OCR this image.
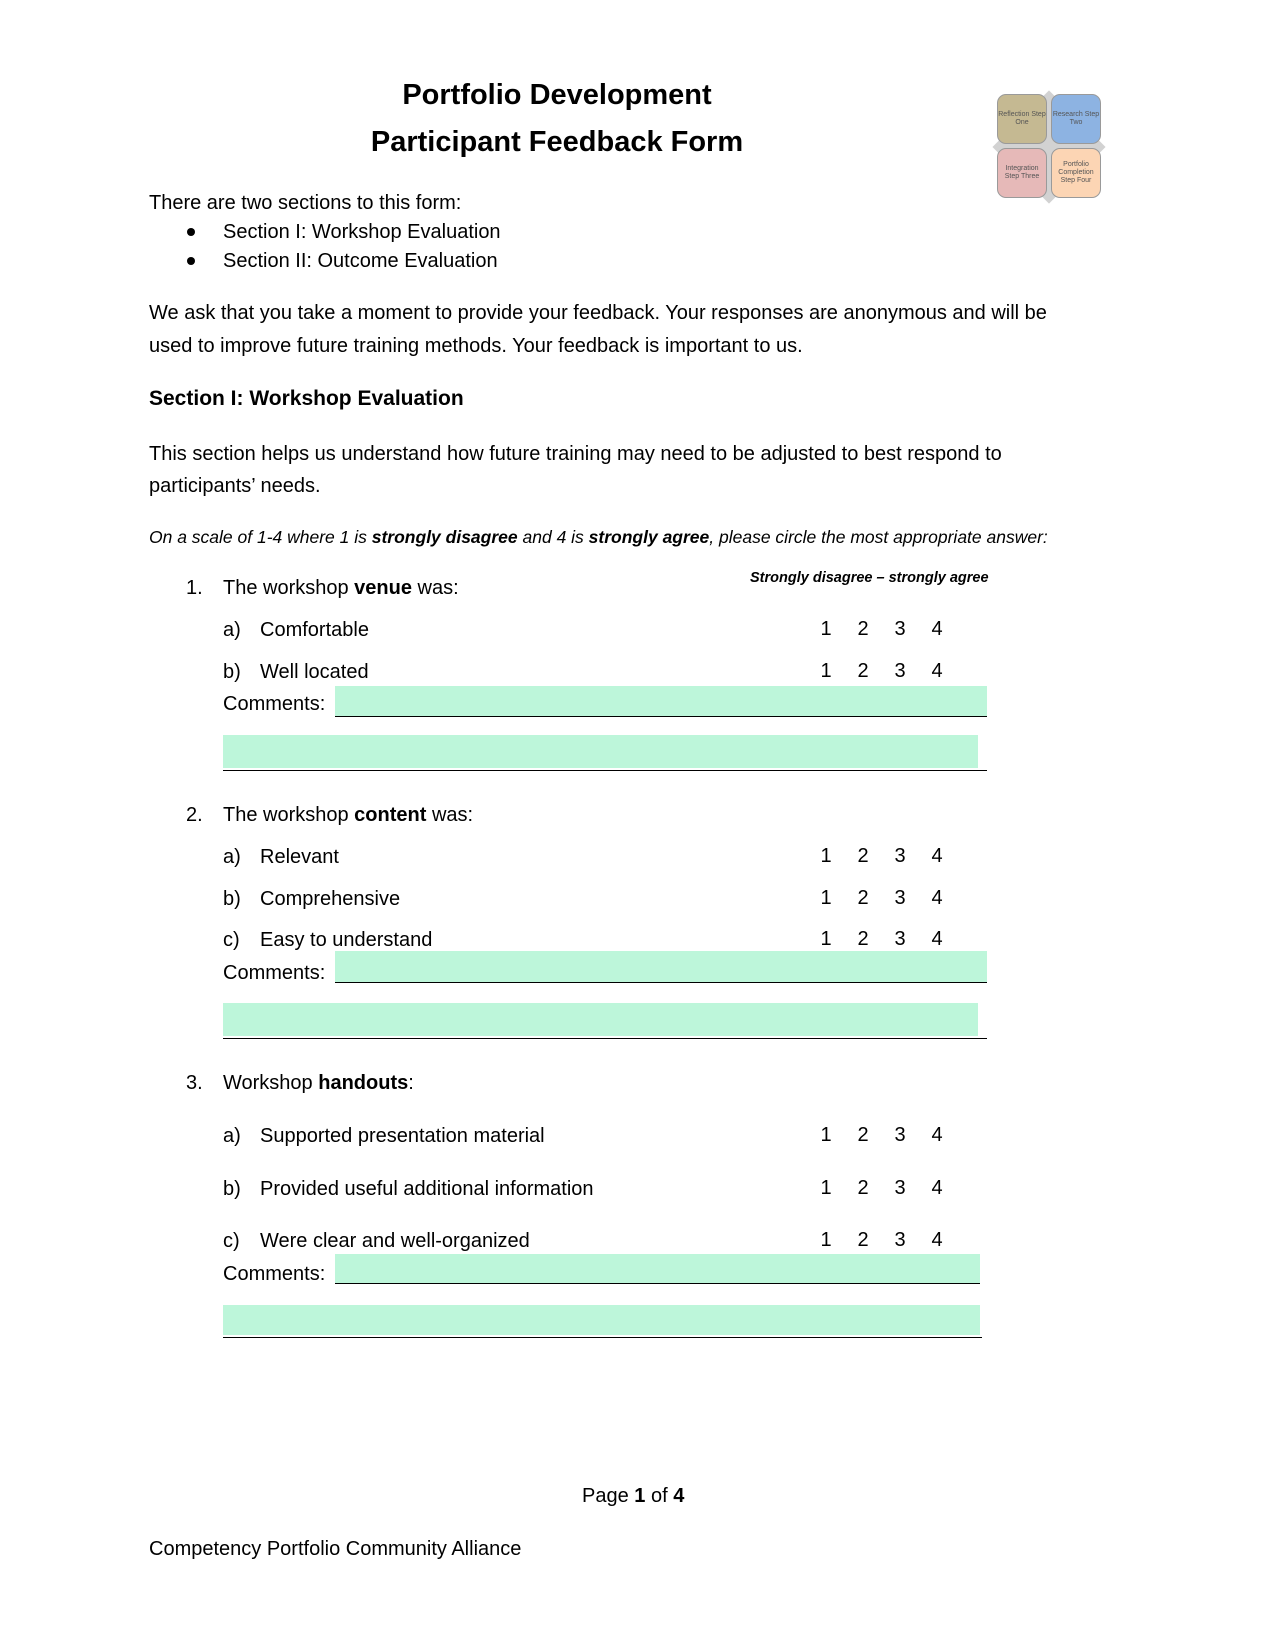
Portfolio Development
Participant Feedback Form
Reflection Step One
Research Step Two
Integration Step Three
Portfolio Completion Step Four
There are two sections to this form:
Section I: Workshop Evaluation
Section II: Outcome Evaluation
We ask that you take a moment to provide your feedback. Your responses are anonymous and will be
used to improve future training methods. Your feedback is important to us.
Section I: Workshop Evaluation
This section helps us understand how future training may need to be adjusted to best respond to
participants’ needs.
On a scale of 1-4 where 1 is strongly disagree and 4 is strongly agree, please circle the most appropriate answer:
Strongly disagree – strongly agree
1. The workshop venue was:
a) Comfortable	1 2 3 4
b) Well located	1 2 3 4
Comments:
2. The workshop content was:
a) Relevant	1 2 3 4
b) Comprehensive	1 2 3 4
c) Easy to understand	1 2 3 4
Comments:
3. Workshop handouts:
a) Supported presentation material	1 2 3 4
b) Provided useful additional information	1 2 3 4
c) Were clear and well-organized	1 2 3 4
Comments:
Page 1 of 4
Competency Portfolio Community Alliance
